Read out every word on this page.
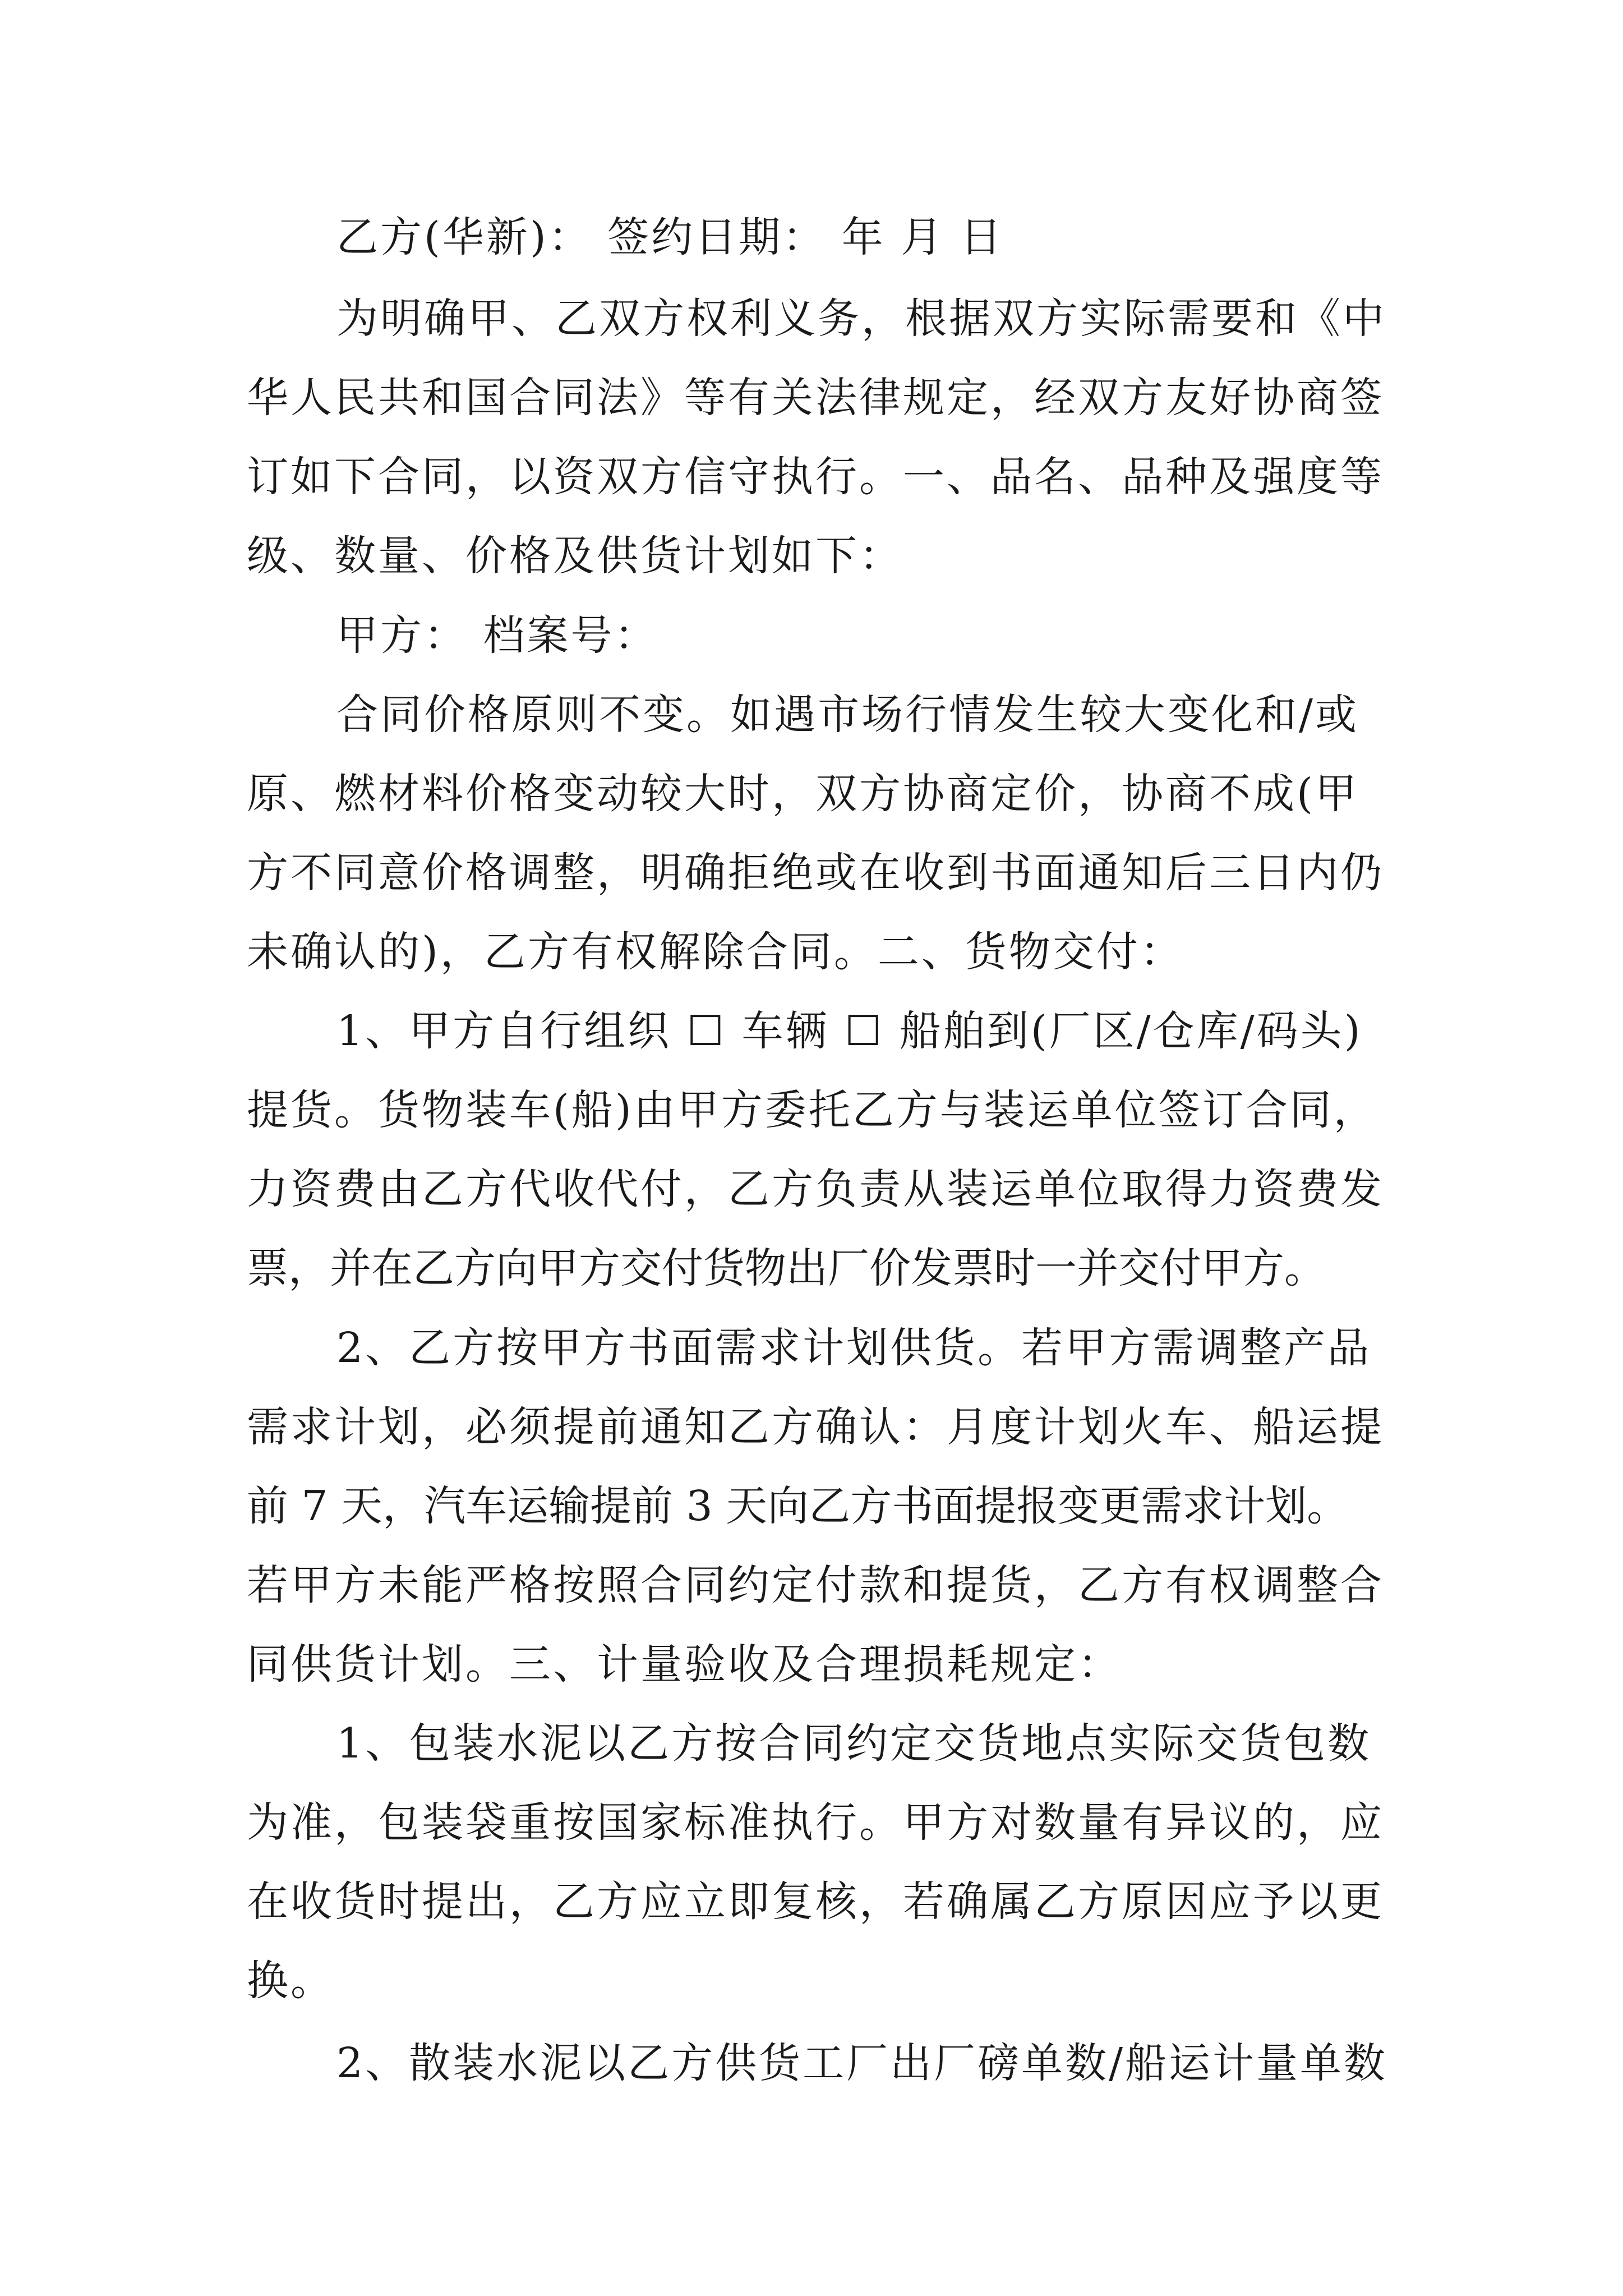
乙方(华新)： 签约日期： 年 月 日
为明确甲、乙双方权利义务，根据双方实际需要和《中
华人民共和国合同法》等有关法律规定，经双方友好协商签
订如下合同，以资双方信守执行。一、品名、品种及强度等
级、数量、价格及供货计划如下：
甲方： 档案号：
合同价格原则不变。如遇市场行情发生较大变化和/或
原、燃材料价格变动较大时，双方协商定价，协商不成(甲
方不同意价格调整，明确拒绝或在收到书面通知后三日内仍
未确认的)，乙方有权解除合同。二、货物交付：
1、甲方自行组织 ☐ 车辆 ☐ 船舶到(厂区/仓库/码头)
提货。货物装车(船)由甲方委托乙方与装运单位签订合同，
力资费由乙方代收代付，乙方负责从装运单位取得力资费发
票，并在乙方向甲方交付货物出厂价发票时一并交付甲方。
2、乙方按甲方书面需求计划供货。若甲方需调整产品
需求计划，必须提前通知乙方确认：月度计划火车、船运提
前 7 天，汽车运输提前 3 天向乙方书面提报变更需求计划。
若甲方未能严格按照合同约定付款和提货，乙方有权调整合
同供货计划。三、计量验收及合理损耗规定：
1、包装水泥以乙方按合同约定交货地点实际交货包数
为准，包装袋重按国家标准执行。甲方对数量有异议的，应
在收货时提出，乙方应立即复核，若确属乙方原因应予以更
换。
2、散装水泥以乙方供货工厂出厂磅单数/船运计量单数
